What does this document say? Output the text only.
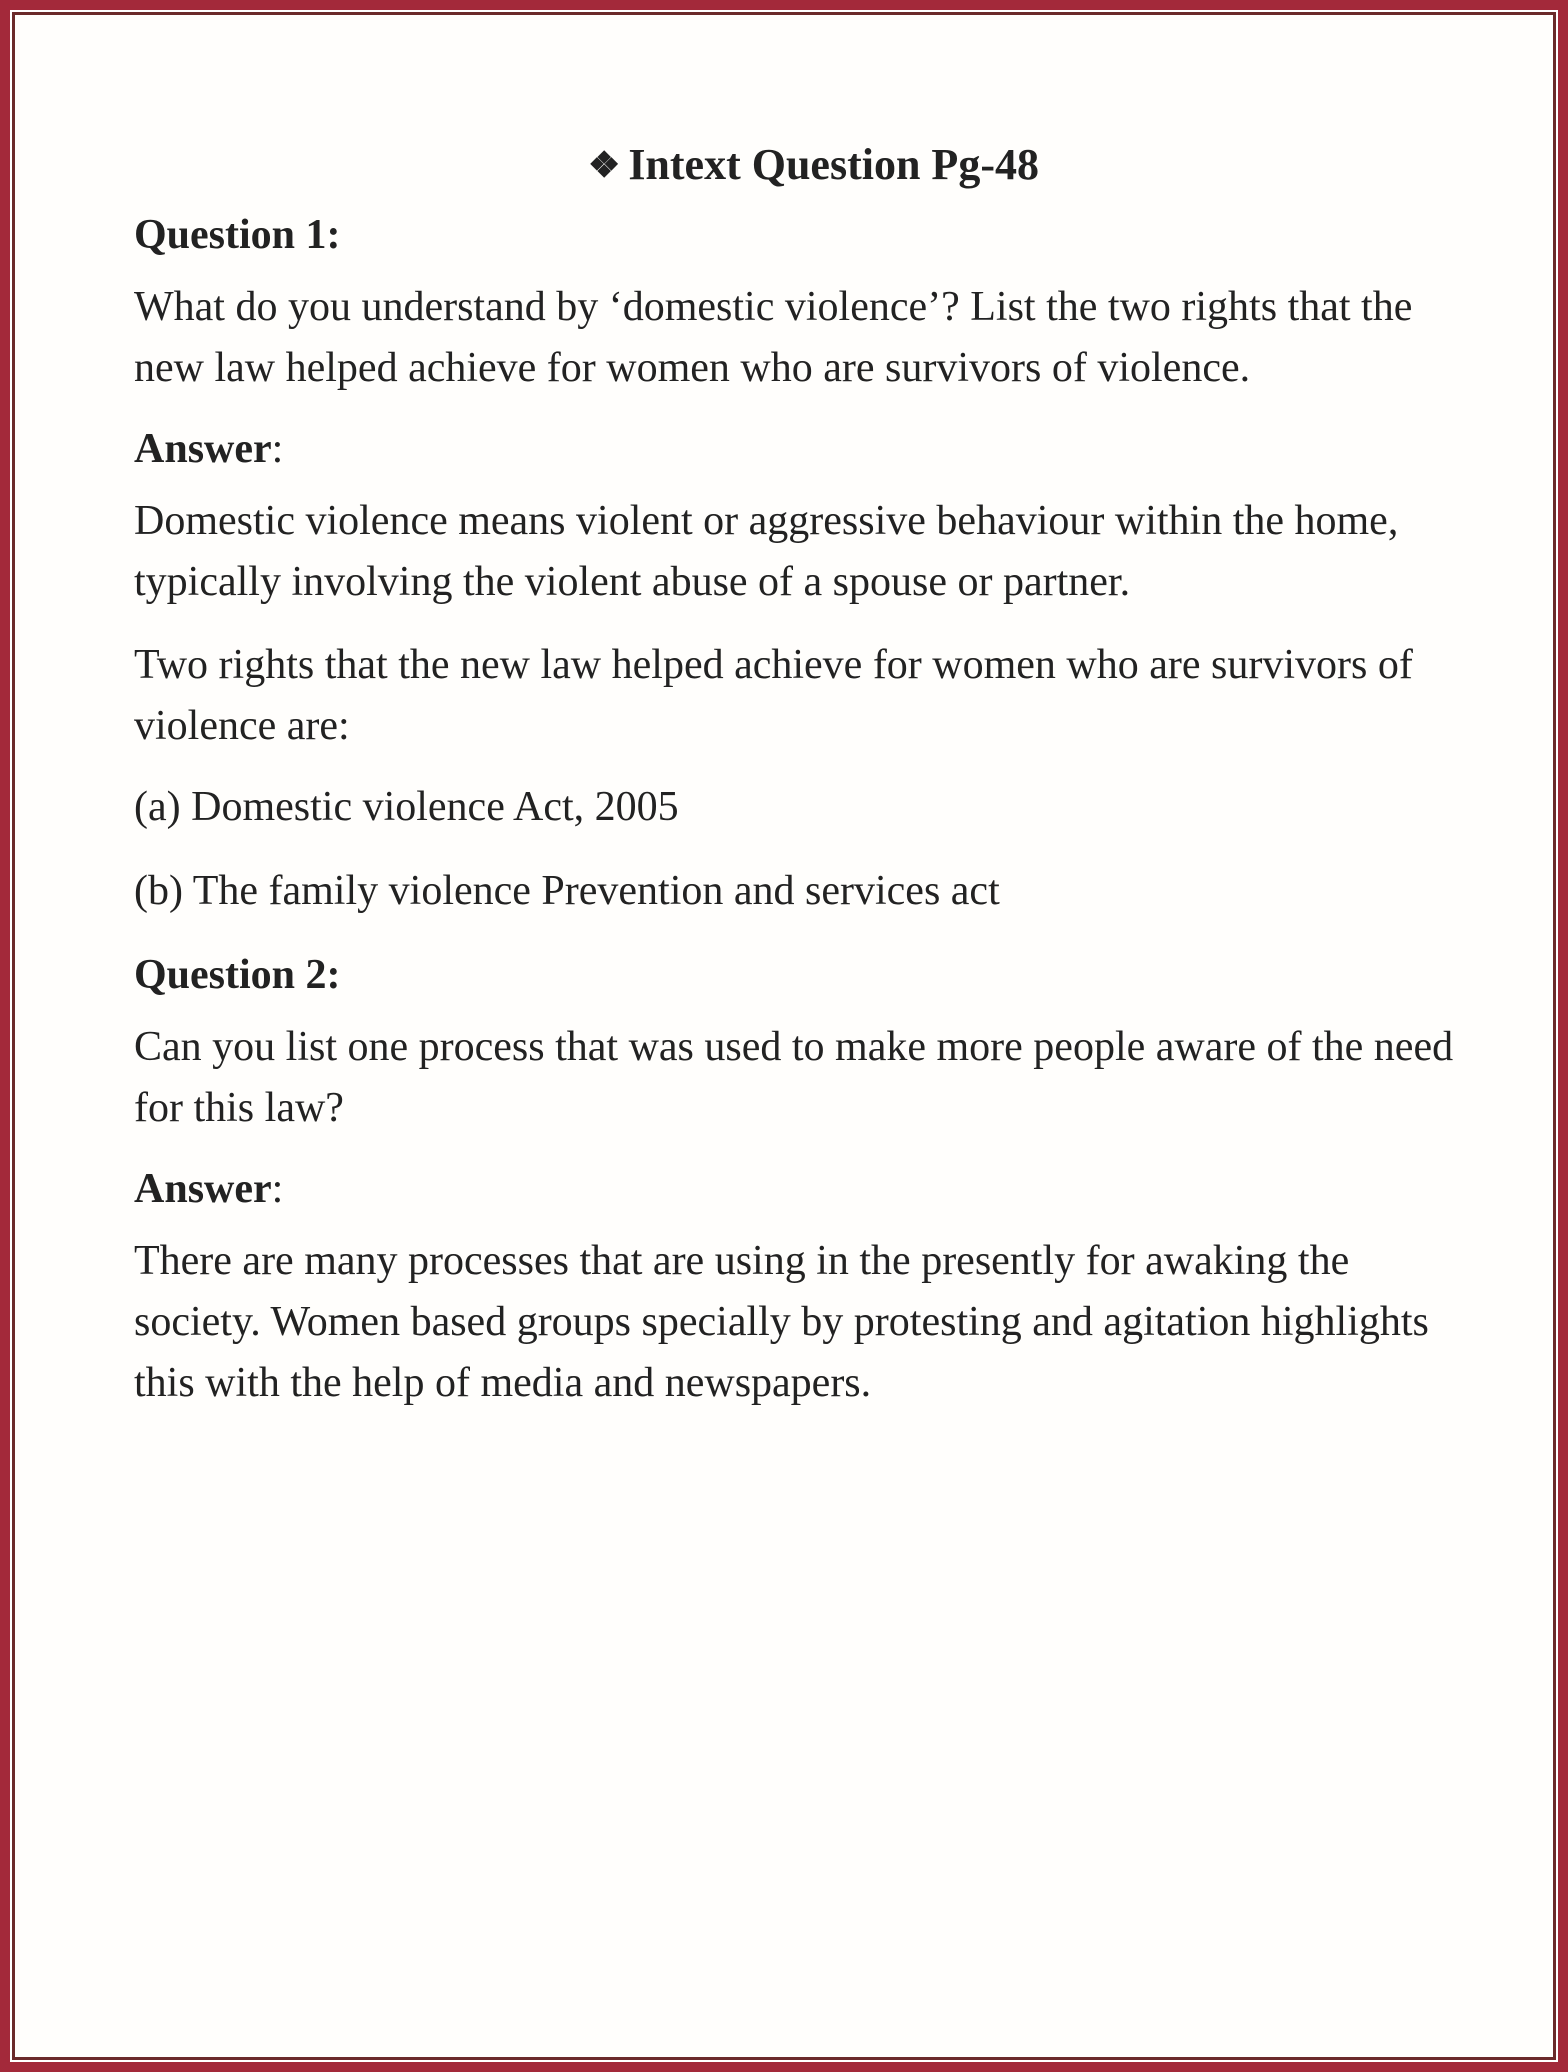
❖ Intext Question Pg-48
Question 1:

What do you understand by ‘domestic violence’? List the two rights that the new law helped achieve for women who are survivors of violence.

Answer:

Domestic violence means violent or aggressive behaviour within the home, typically involving the violent abuse of a spouse or partner.

Two rights that the new law helped achieve for women who are survivors of violence are:

(a) Domestic violence Act, 2005
(b) The family violence Prevention and services act
Question 2:

Can you list one process that was used to make more people aware of the need for this law?

Answer:

There are many processes that are using in the presently for awaking the society. Women based groups specially by protesting and agitation highlights this with the help of media and newspapers.
